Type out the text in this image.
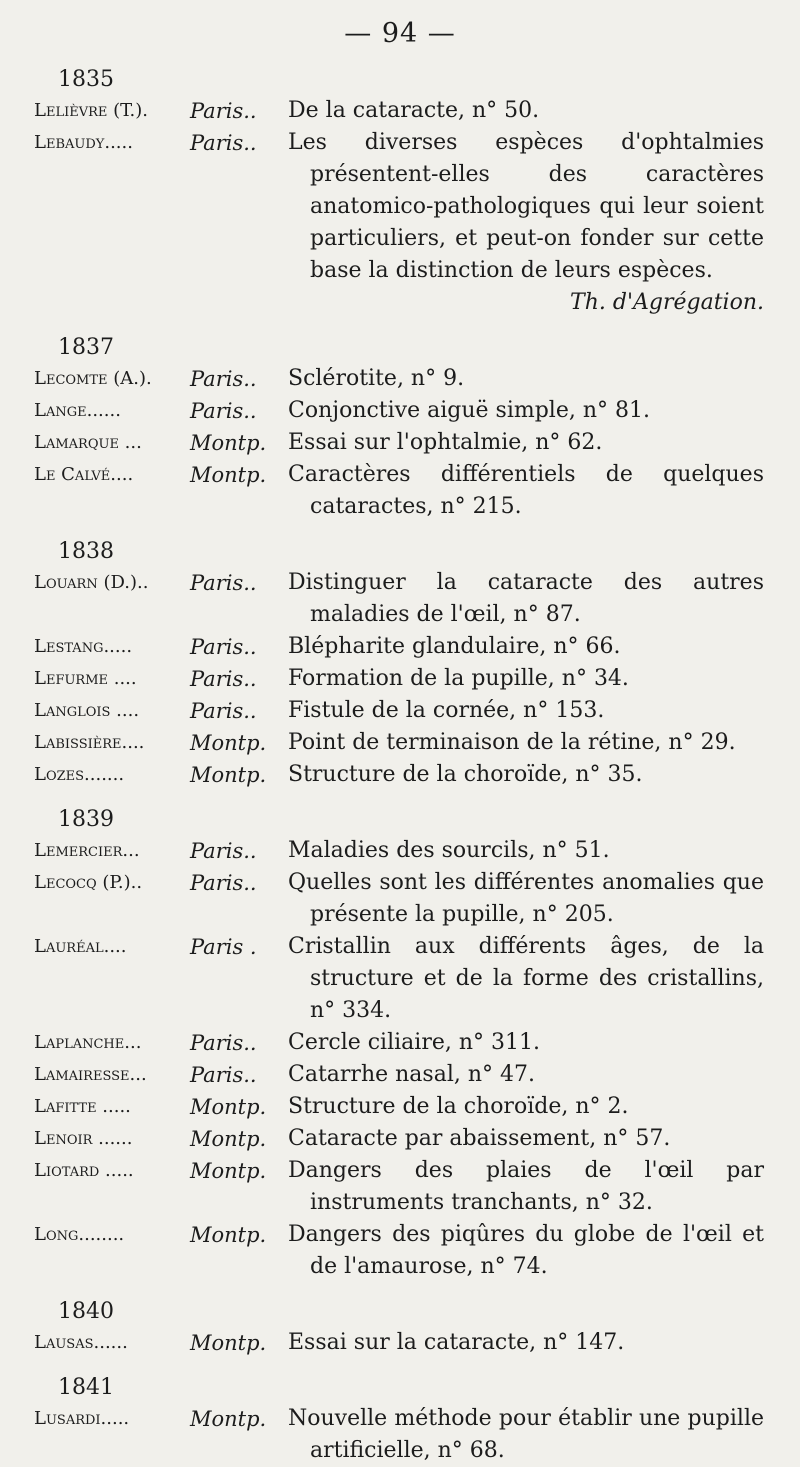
— 94 —
1835
Lelièvre (T.).	Paris..	De la cataracte, n° 50.
Lebaudy.....	Paris..	Les diverses espèces d'ophtalmies présentent-elles des caractères anatomico-pathologiques qui leur soient particuliers, et peut-on fonder sur cette base la distinction de leurs espèces.
Th. d'Agrégation.
1837
Lecomte (A.).	Paris..	Sclérotite, n° 9.
Lange......	Paris..	Conjonctive aiguë simple, n° 81.
Lamarque ...	Montp. Essai sur l'ophtalmie, n° 62.
Le Calvé....	Montp. Caractères différentiels de quelques cataractes, n° 215.
1838
Louarn (D.)..	Paris..	Distinguer la cataracte des autres maladies de l'œil, n° 87.
Lestang.....	Paris..	Blépharite glandulaire, n° 66.
Lefurme ....	Paris..	Formation de la pupille, n° 34.
Langlois ....	Paris..	Fistule de la cornée, n° 153.
Labissière....	Montp. Point de terminaison de la rétine, n° 29.
Lozes.......	Montp. Structure de la choroïde, n° 35.
1839
Lemercier...	Paris..	Maladies des sourcils, n° 51.
Lecocq (P.)..	Paris..	Quelles sont les différentes anomalies que présente la pupille, n° 205.
Lauréal....	Paris .	Cristallin aux différents âges, de la structure et de la forme des cristallins, n° 334.
Laplanche...	Paris..	Cercle ciliaire, n° 311.
Lamairesse...	Paris..	Catarrhe nasal, n° 47.
Lafitte .....	Montp. Structure de la choroïde, n° 2.
Lenoir ......	Montp. Cataracte par abaissement, n° 57.
Liotard .....	Montp. Dangers des plaies de l'œil par instruments tranchants, n° 32.
Long........	Montp. Dangers des piqûres du globe de l'œil et de l'amaurose, n° 74.
1840
Lausas......	Montp. Essai sur la cataracte, n° 147.
1841
Lusardi.....	Montp. Nouvelle méthode pour établir une pupille artificielle, n° 68.
